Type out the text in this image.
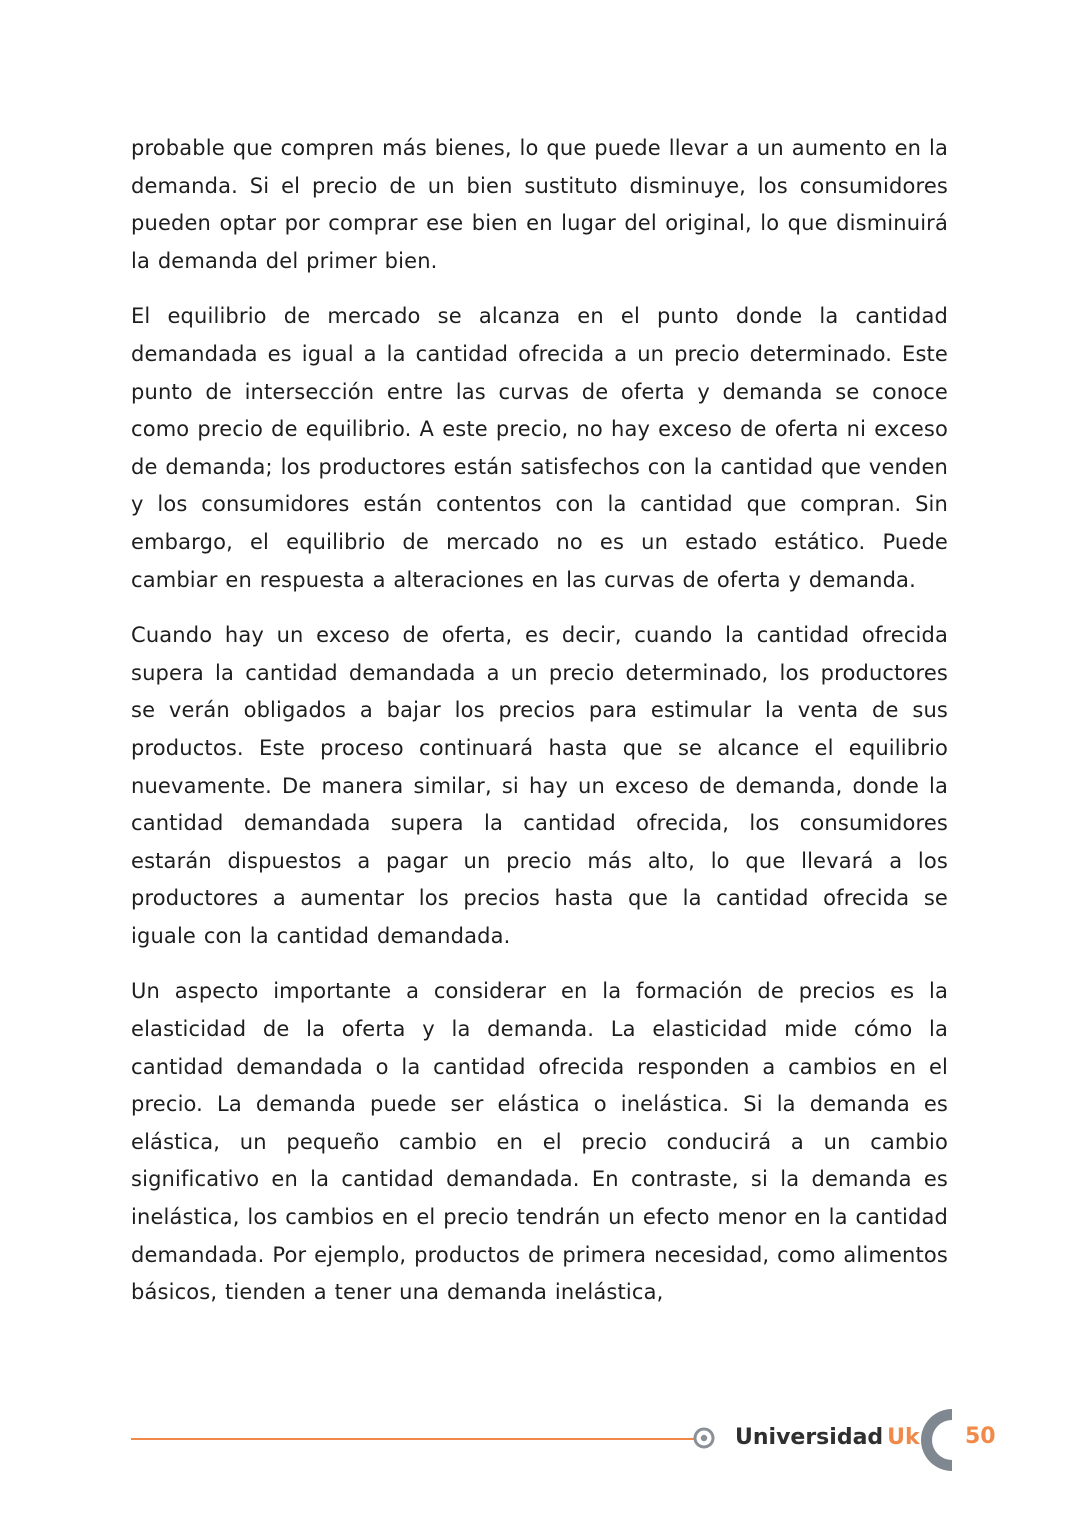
probable que compren más bienes, lo que puede llevar a un aumento en la demanda. Si el precio de un bien sustituto disminuye, los consumidores pueden optar por comprar ese bien en lugar del original, lo que disminuirá la demanda del primer bien.

El equilibrio de mercado se alcanza en el punto donde la cantidad demandada es igual a la cantidad ofrecida a un precio determinado. Este punto de intersección entre las curvas de oferta y demanda se conoce como precio de equilibrio. A este precio, no hay exceso de oferta ni exceso de demanda; los productores están satisfechos con la cantidad que venden y los consumidores están contentos con la cantidad que compran. Sin embargo, el equilibrio de mercado no es un estado estático. Puede cambiar en respuesta a alteraciones en las curvas de oferta y demanda.

Cuando hay un exceso de oferta, es decir, cuando la cantidad ofrecida supera la cantidad demandada a un precio determinado, los productores se verán obligados a bajar los precios para estimular la venta de sus productos. Este proceso continuará hasta que se alcance el equilibrio nuevamente. De manera similar, si hay un exceso de demanda, donde la cantidad demandada supera la cantidad ofrecida, los consumidores estarán dispuestos a pagar un precio más alto, lo que llevará a los productores a aumentar los precios hasta que la cantidad ofrecida se iguale con la cantidad demandada.

Un aspecto importante a considerar en la formación de precios es la elasticidad de la oferta y la demanda. La elasticidad mide cómo la cantidad demandada o la cantidad ofrecida responden a cambios en el precio. La demanda puede ser elástica o inelástica. Si la demanda es elástica, un pequeño cambio en el precio conducirá a un cambio significativo en la cantidad demandada. En contraste, si la demanda es inelástica, los cambios en el precio tendrán un efecto menor en la cantidad demandada. Por ejemplo, productos de primera necesidad, como alimentos básicos, tienden a tener una demanda inelástica,

Universidad Uk 50
